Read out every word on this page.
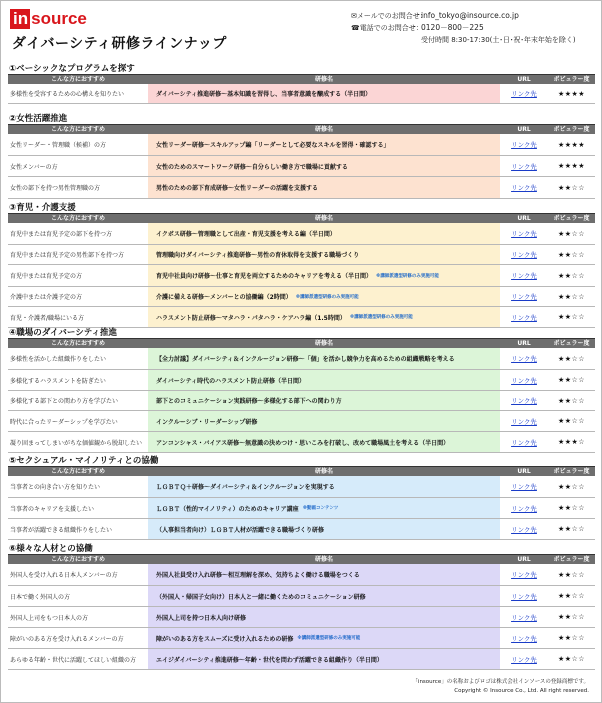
in source
ダイバーシティ研修ラインナップ
✉メールでのお問合せ：
info_tokyo@insource.co.jp
☎電話でのお問合せ：
0120－800－225
受付時間 8:30-17:30(土･日･祝･年末年始を除く)
①ベーシックなプログラムを探す
こんな方におすすめ	研修名	URL	ポピュラー度
多様性を受容するための心構えを知りたい	ダイバーシティ推進研修～基本知識を習得し、当事者意識を醸成する（半日間）	リンク先	★★★★
②女性活躍推進
こんな方におすすめ	研修名	URL	ポピュラー度
女性リーダー・管理職（候補）の方	女性リーダー研修～スキルアップ編「リーダーとして必要なスキルを習得・確認する」	リンク先	★★★★
女性メンバーの方	女性のためのスマートワーク研修～自分らしい働き方で職場に貢献する	リンク先	★★★★
女性の部下を持つ男性管理職の方	男性のための部下育成研修～女性リーダーの活躍を支援する	リンク先	★★☆☆
③育児・介護支援
こんな方におすすめ	研修名	URL	ポピュラー度
育児中または育児予定の部下を持つ方	イクボス研修～管理職として出産・育児支援を考える編（半日間）	リンク先	★★☆☆
育児中または育児予定の男性部下を持つ方	管理職向けダイバーシティ推進研修～男性の育休取得を支援する職場づくり	リンク先	★★☆☆
育児中または育児予定の方	育児中社員向け研修～仕事と育児を両立するためのキャリアを考える（半日間） ※講師派遣型研修のみ実施可能	リンク先	★★☆☆
介護中または介護予定の方	介護に備える研修～メンバーとの協働編（2時間） ※講師派遣型研修のみ実施可能	リンク先	★★☆☆
育児・介護者/職場にいる方	ハラスメント防止研修～マタハラ・パタハラ・ケアハラ編（1.5時間） ※講師派遣型研修のみ実施可能	リンク先	★★☆☆
④職場のダイバーシティ推進
こんな方におすすめ	研修名	URL	ポピュラー度
多様性を活かした組織作りをしたい	【全力討議】ダイバーシティ＆インクルージョン研修～「個」を活かし競争力を高めるための組織戦略を考える	リンク先	★★☆☆
多様化するハラスメントを防ぎたい	ダイバーシティ時代のハラスメント防止研修（半日間）	リンク先	★★☆☆
多様化する部下との関わり方を学びたい	部下とのコミュニケーション実践研修～多様化する部下への関わり方	リンク先	★★☆☆
時代に合ったリーダーシップを学びたい	インクルーシブ・リーダーシップ研修	リンク先	★★☆☆
凝り固まってしまいがちな価値観から脱却したい	アンコンシャス・バイアス研修～無意識の決めつけ・思いこみを打破し、改めて職場風土を考える（半日間）	リンク先	★★★☆
⑤セクシュアル・マイノリティとの協働
こんな方におすすめ	研修名	URL	ポピュラー度
当事者との向き合い方を知りたい	ＬＧＢＴＱ＋研修～ダイバーシティ＆インクルージョンを実現する	リンク先	★★☆☆
当事者のキャリアを支援したい	ＬＧＢＴ（性的マイノリティ）のためのキャリア講座 ※動画コンテンツ	リンク先	★★☆☆
当事者が活躍できる組織作りをしたい	（人事担当者向け）ＬＧＢＴ人材が活躍できる職場づくり研修	リンク先	★★☆☆
⑥様々な人材との協働
こんな方におすすめ	研修名	URL	ポピュラー度
外国人を受け入れる日本人メンバーの方	外国人社員受け入れ研修～相互理解を深め、気持ちよく働ける職場をつくる	リンク先	★★☆☆
日本で働く外国人の方	（外国人・帰国子女向け）日本人と一緒に働くためのコミュニケーション研修	リンク先	★★☆☆
外国人上司をもつ日本人の方	外国人上司を持つ日本人向け研修	リンク先	★★☆☆
障がいのある方を受け入れるメンバーの方	障がいのある方をスムーズに受け入れるための研修 ※講師派遣型研修のみ実施可能	リンク先	★★☆☆
あらゆる年齢・世代に活躍してほしい組織の方	エイジダイバーシティ推進研修～年齢・世代を問わず活躍できる組織作り（半日間）	リンク先	★★☆☆
「insource」の名称およびロゴは株式会社インソースの登録商標です。
Copyright © Insource Co., Ltd. All right reserved.
